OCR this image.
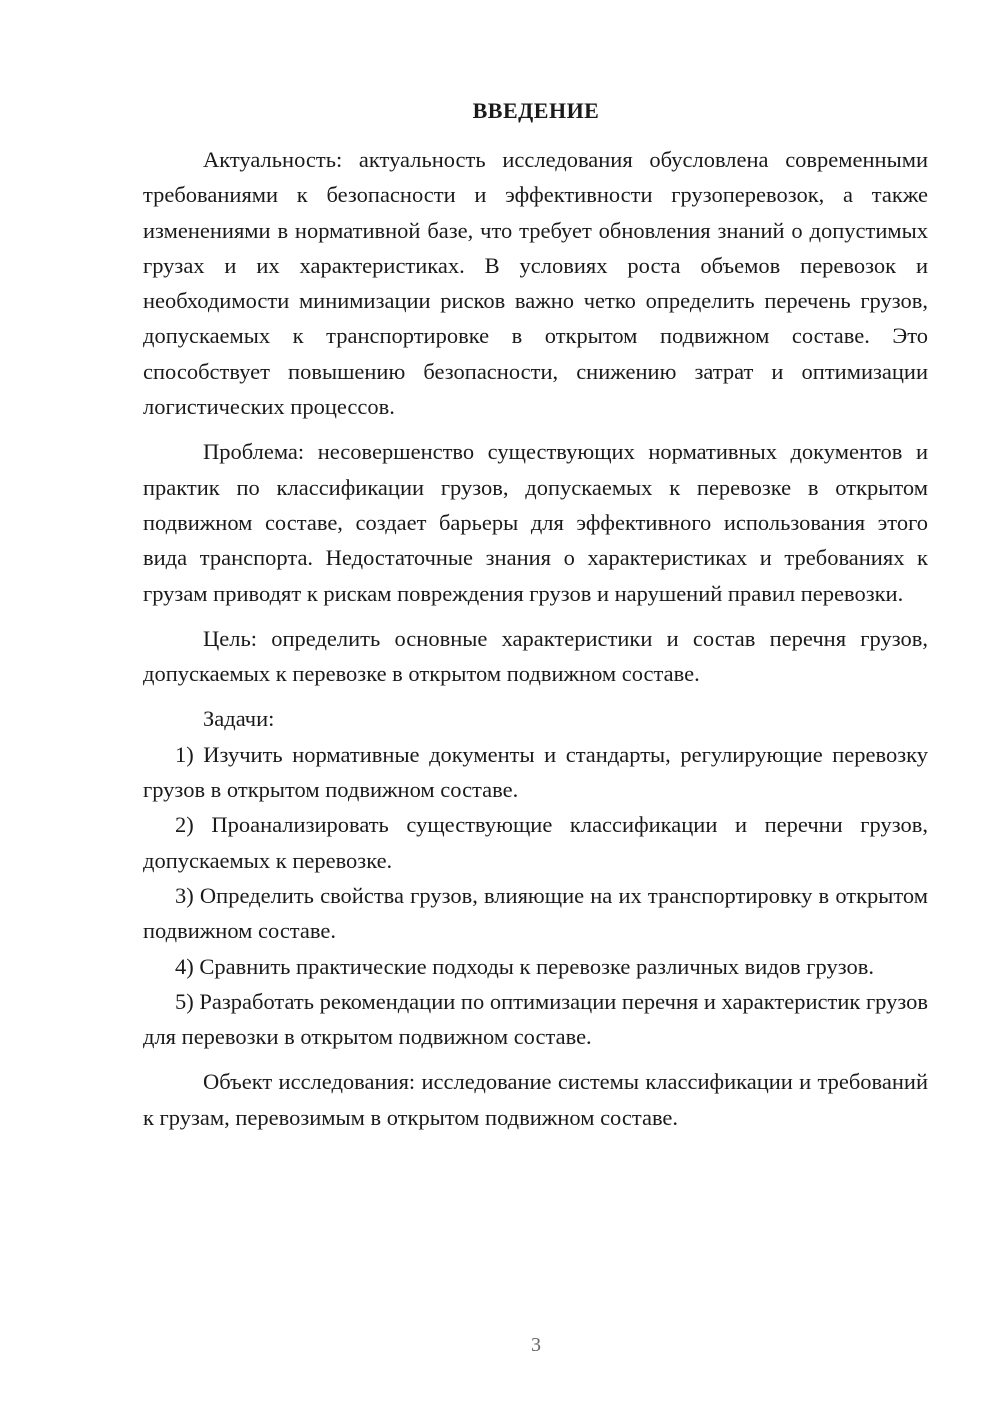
ВВЕДЕНИЕ

Актуальность: актуальность исследования обусловлена современными требованиями к безопасности и эффективности грузоперевозок, а также изменениями в нормативной базе, что требует обновления знаний о допустимых грузах и их характеристиках. В условиях роста объемов перевозок и необходимости минимизации рисков важно четко определить перечень грузов, допускаемых к транспортировке в открытом подвижном составе. Это способствует повышению безопасности, снижению затрат и оптимизации логистических процессов.

Проблема: несовершенство существующих нормативных документов и практик по классификации грузов, допускаемых к перевозке в открытом подвижном составе, создает барьеры для эффективного использования этого вида транспорта. Недостаточные знания о характеристиках и требованиях к грузам приводят к рискам повреждения грузов и нарушений правил перевозки.

Цель: определить основные характеристики и состав перечня грузов, допускаемых к перевозке в открытом подвижном составе.

Задачи:

1) Изучить нормативные документы и стандарты, регулирующие перевозку грузов в открытом подвижном составе.

2) Проанализировать существующие классификации и перечни грузов, допускаемых к перевозке.

3) Определить свойства грузов, влияющие на их транспортировку в открытом подвижном составе.

4) Сравнить практические подходы к перевозке различных видов грузов.

5) Разработать рекомендации по оптимизации перечня и характеристик грузов для перевозки в открытом подвижном составе.

Объект исследования: исследование системы классификации и требований к грузам, перевозимым в открытом подвижном составе.

3
